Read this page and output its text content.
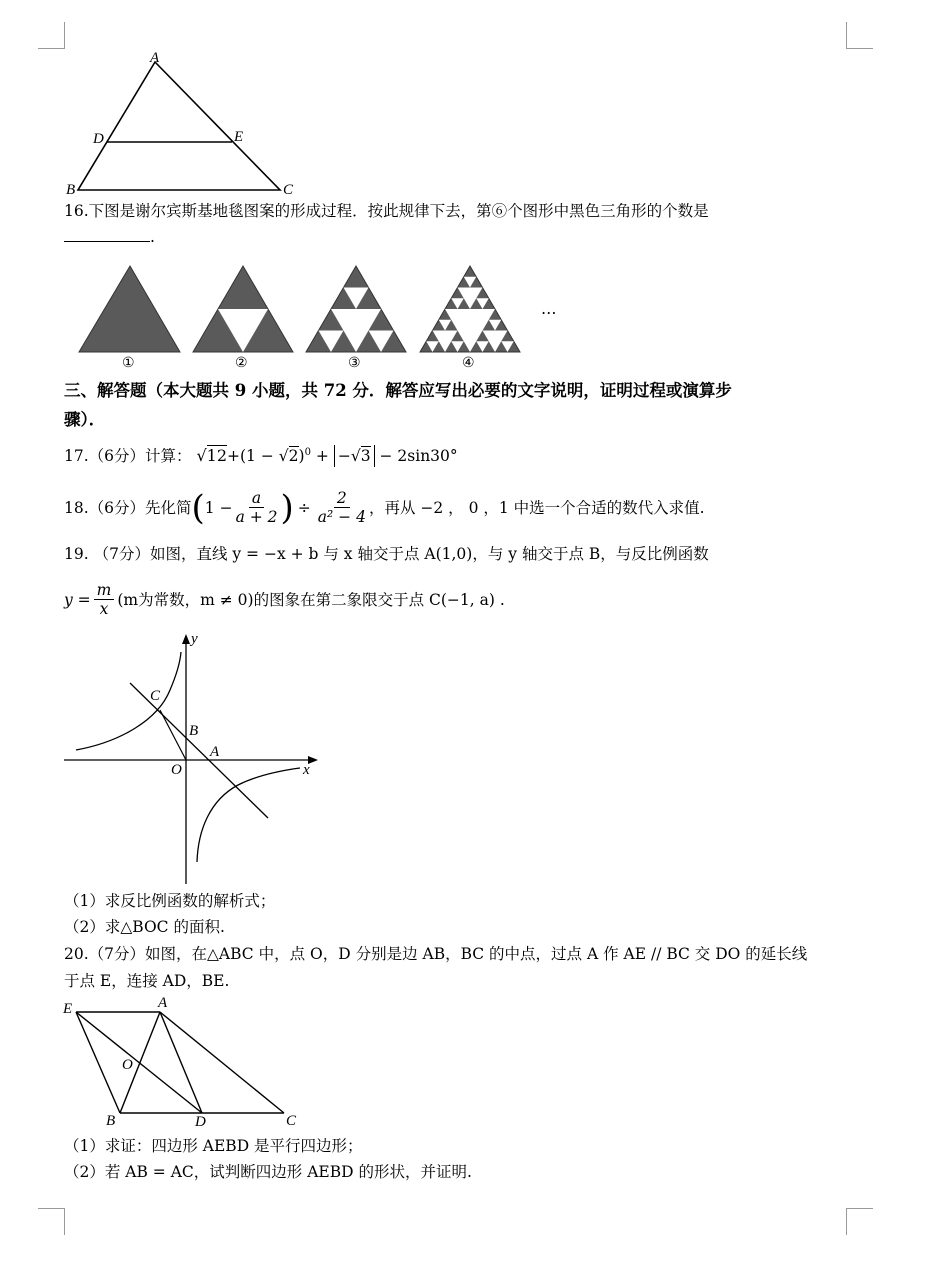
A
D	E
B	C
16.下图是谢尔宾斯基地毯图案的形成过程．按此规律下去，第⑥个图形中黑色三角形的个数是
.
①	②	③	④
…
三、解答题（本大题共 9 小题，共 72 分．解答应写出必要的文字说明，证明过程或演算步
骤）．
17.（6分）计算： $√12+(1 - √2)^0 + -√3 - 2\sin 30^\circ$
18.（6分）先化简 ( $1 - \frac{a}{a + 2}$ ) ÷ $\frac{2}{\text{a² − 4}}$ ，再从 −2 ， 0 ，1 中选一个合适的数代入求值.
19. （7分）如图，直线 y = −x + b 与 x 轴交于点 A(1,0)，与 y 轴交于点 B，与反比例函数
$y = \frac{m}{x} (m$为常数，m ≠ 0)的图象在第二象限交于点 C(−1, a) .
y
x
C
B
A
O
（1）求反比例函数的解析式；
（2）求△BOC 的面积.
20.（7分）如图，在△ABC 中，点 O，D 分别是边 AB，BC 的中点，过点 A 作 AE // BC 交 DO 的延长线
于点 E，连接 AD，BE.
E	A
O
B	D	C
（1）求证：四边形 AEBD 是平行四边形；
（2）若 AB = AC，试判断四边形 AEBD 的形状，并证明.
